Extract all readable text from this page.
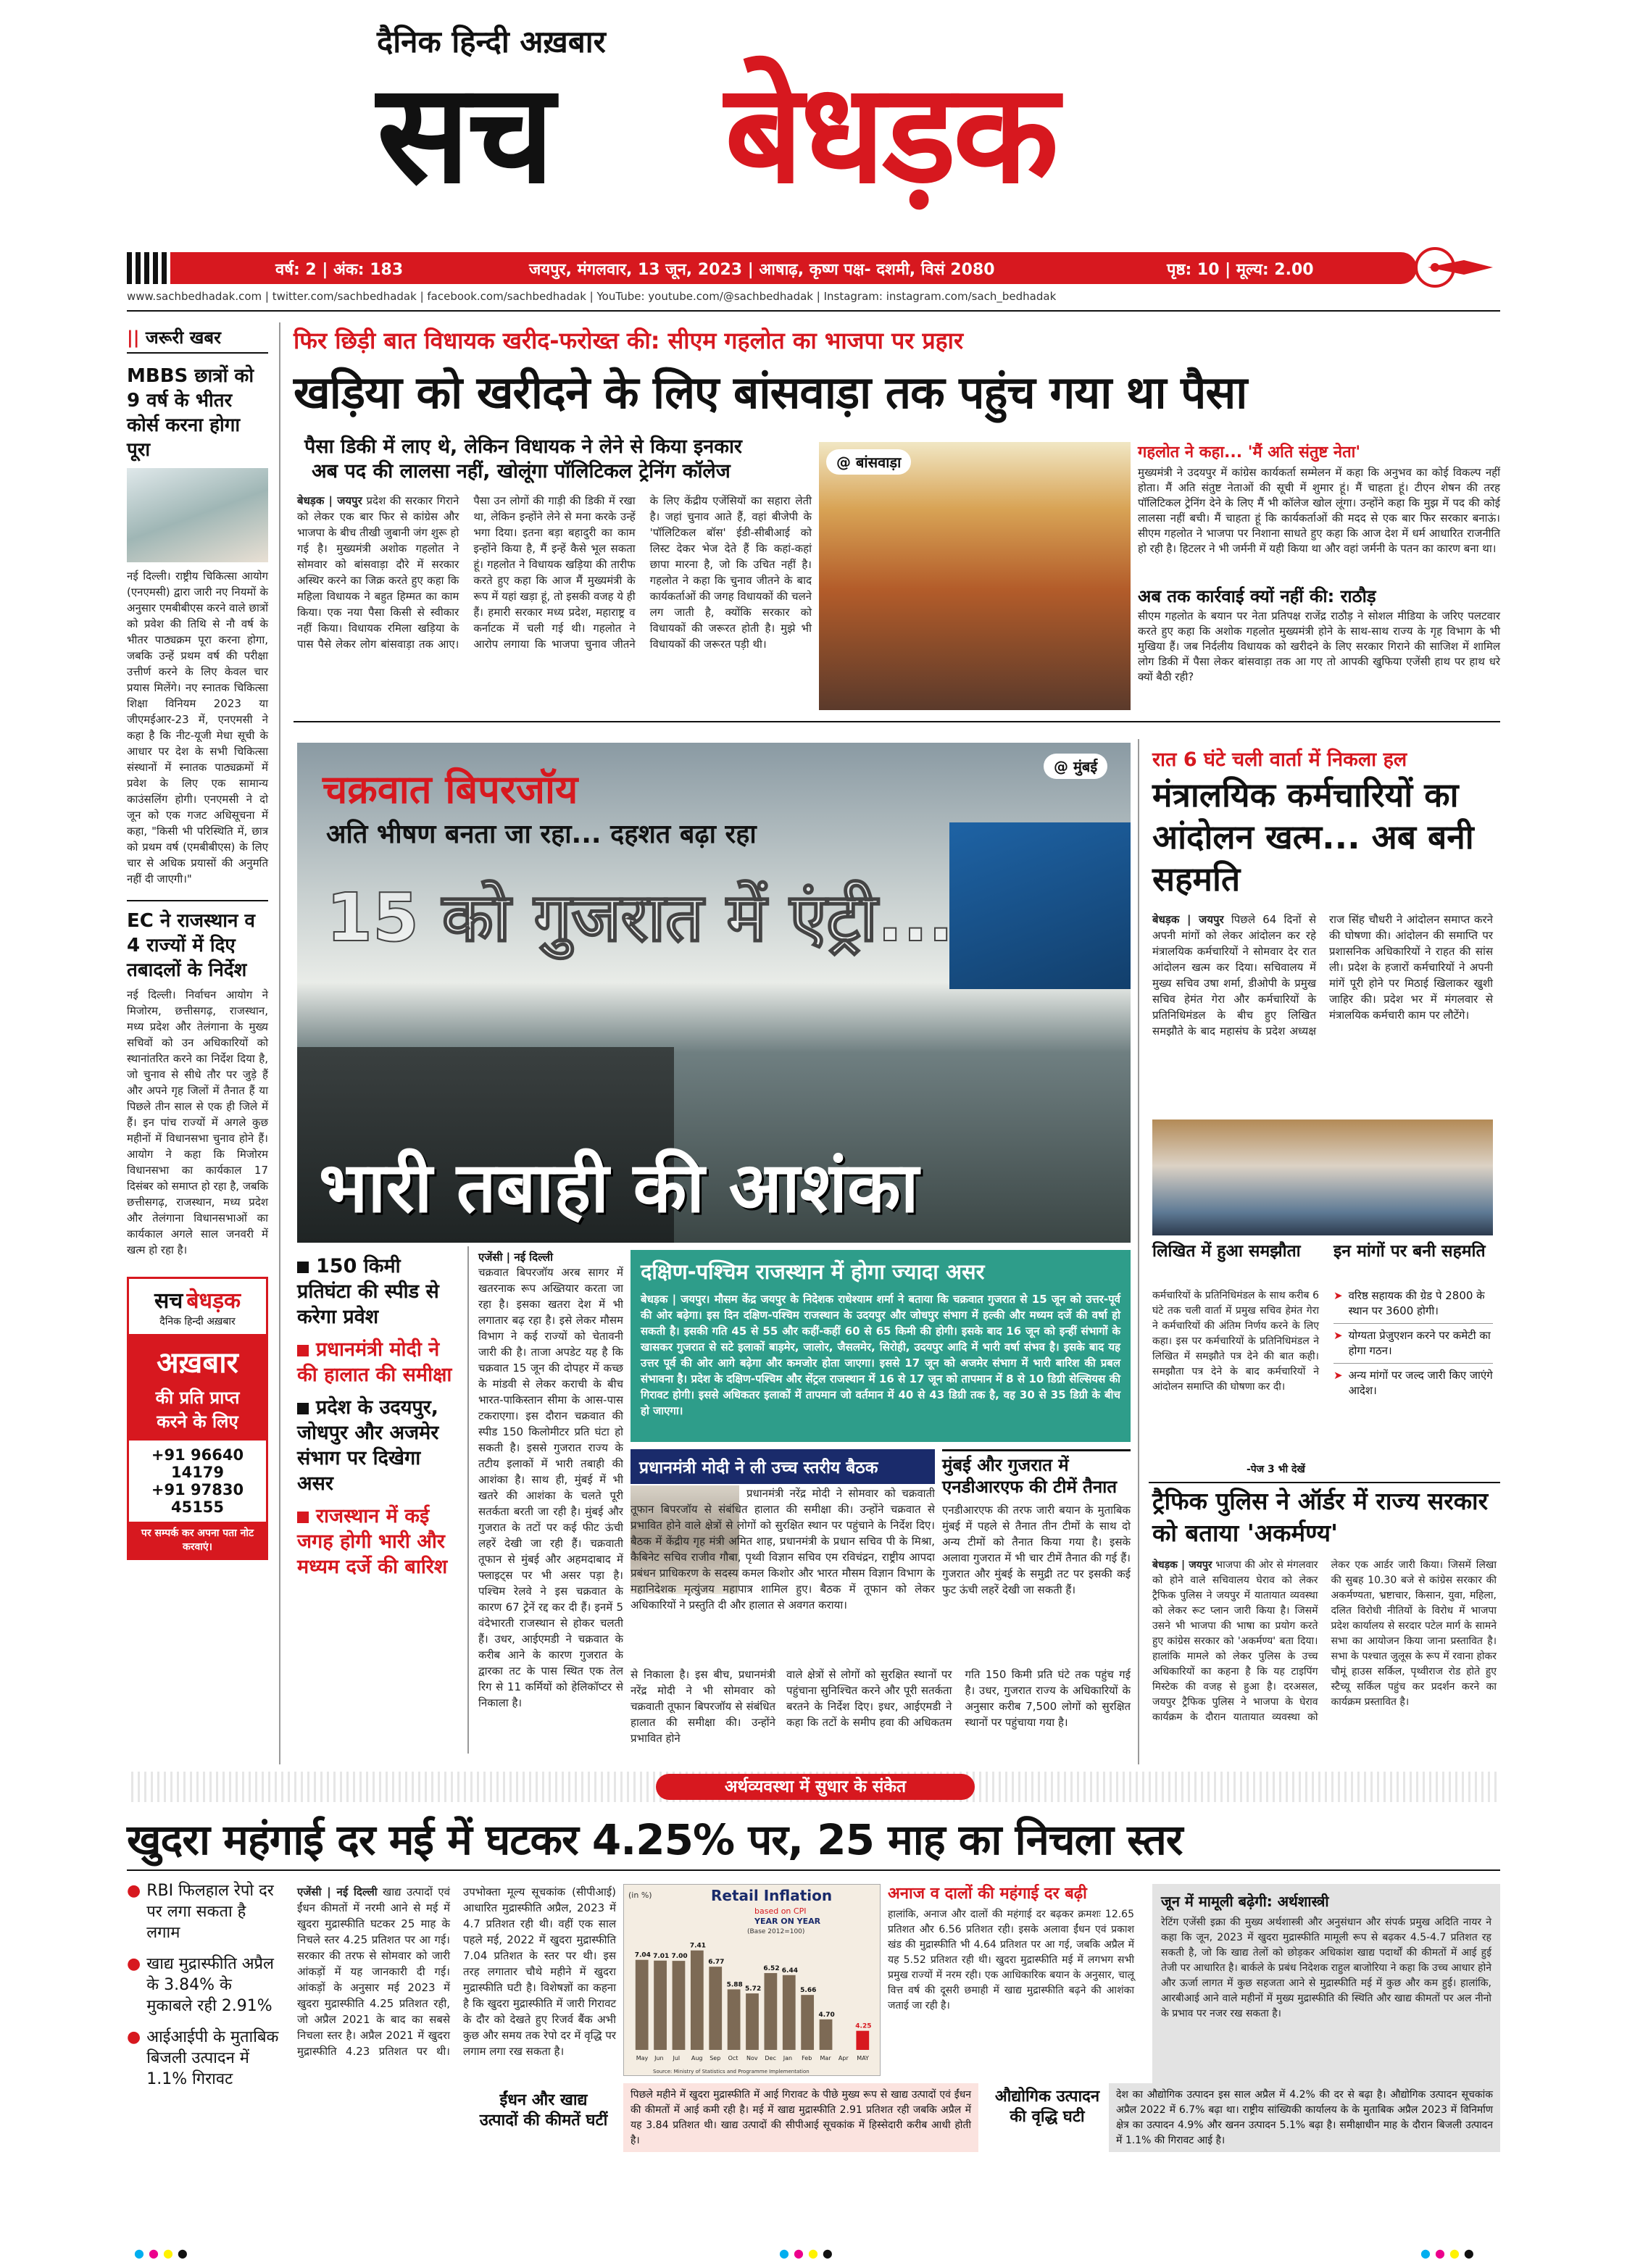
दैनिक हिन्दी अख़बार
सच बेधड़क
वर्ष: 2 | अंक: 183	जयपुर, मंगलवार, 13 जून, 2023 | आषाढ़, कृष्ण पक्ष- दशमी, विसं 2080	पृष्ठ: 10 | मूल्य: 2.00
www.sachbedhadak.com | twitter.com/sachbedhadak | facebook.com/sachbedhadak | YouTube: youtube.com/@sachbedhadak | Instagram: instagram.com/sach_bedhadak
|| जरूरी खबर
MBBS छात्रों को 9 वर्ष के भीतर कोर्स करना होगा पूरा
नई दिल्ली। राष्ट्रीय चिकित्सा आयोग (एनएमसी) द्वारा जारी नए नियमों के अनुसार एमबीबीएस करने वाले छात्रों को प्रवेश की तिथि से नौ वर्ष के भीतर पाठ्यक्रम पूरा करना होगा, जबकि उन्हें प्रथम वर्ष की परीक्षा उत्तीर्ण करने के लिए केवल चार प्रयास मिलेंगे। नए स्नातक चिकित्सा शिक्षा विनियम 2023 या जीएमईआर-23 में, एनएमसी ने कहा है कि नीट-यूजी मेधा सूची के आधार पर देश के सभी चिकित्सा संस्थानों में स्नातक पाठ्यक्रमों में प्रवेश के लिए एक सामान्य काउंसलिंग होगी। एनएमसी ने दो जून को एक गजट अधिसूचना में कहा, "किसी भी परिस्थिति में, छात्र को प्रथम वर्ष (एमबीबीएस) के लिए चार से अधिक प्रयासों की अनुमति नहीं दी जाएगी।"
EC ने राजस्थान व 4 राज्यों में दिए तबादलों के निर्देश
नई दिल्ली। निर्वाचन आयोग ने मिजोरम, छत्तीसगढ़, राजस्थान, मध्य प्रदेश और तेलंगाना के मुख्य सचिवों को उन अधिकारियों को स्थानांतरित करने का निर्देश दिया है, जो चुनाव से सीधे तौर पर जुड़े हैं और अपने गृह जिलों में तैनात हैं या पिछले तीन साल से एक ही जिले में हैं। इन पांच राज्यों में अगले कुछ महीनों में विधानसभा चुनाव होने हैं। आयोग ने कहा कि मिजोरम विधानसभा का कार्यकाल 17 दिसंबर को समाप्त हो रहा है, जबकि छत्तीसगढ़, राजस्थान, मध्य प्रदेश और तेलंगाना विधानसभाओं का कार्यकाल अगले साल जनवरी में खत्म हो रहा है।
सच बेधड़क
दैनिक हिन्दी अख़बार
अख़बार
की प्रति प्राप्त
करने के लिए
+91 96640 14179
+91 97830 45155
पर सम्पर्क कर अपना पता नोट करवाएं।
फिर छिड़ी बात विधायक खरीद-फरोख्त की: सीएम गहलोत का भाजपा पर प्रहार
खड़िया को खरीदने के लिए बांसवाड़ा तक पहुंच गया था पैसा
पैसा डिकी में लाए थे, लेकिन विधायक ने लेने से किया इनकार
अब पद की लालसा नहीं, खोलूंगा पॉलिटिकल ट्रेनिंग कॉलेज
बेधड़क | जयपुर प्रदेश की सरकार गिराने को लेकर एक बार फिर से कांग्रेस और भाजपा के बीच तीखी जुबानी जंग शुरू हो गई है। मुख्यमंत्री अशोक गहलोत ने सोमवार को बांसवाड़ा दौरे में सरकार अस्थिर करने का जिक्र करते हुए कहा कि महिला विधायक ने बहुत हिम्मत का काम किया। एक नया पैसा किसी से स्वीकार नहीं किया। विधायक रमिला खड़िया के पास पैसे लेकर लोग बांसवाड़ा तक आए। पैसा उन लोगों की गाड़ी की डिकी में रखा था, लेकिन इन्होंने लेने से मना करके उन्हें भगा दिया। इतना बड़ा बहादुरी का काम इन्होंने किया है, मैं इन्हें कैसे भूल सकता हूं। गहलोत ने विधायक खड़िया की तारीफ करते हुए कहा कि आज मैं मुख्यमंत्री के रूप में यहां खड़ा हूं, तो इसकी वजह ये ही हैं। हमारी सरकार मध्य प्रदेश, महाराष्ट्र व कर्नाटक में चली गई थी। गहलोत ने आरोप लगाया कि भाजपा चुनाव जीतने के लिए केंद्रीय एजेंसियों का सहारा लेती है। जहां चुनाव आते हैं, वहां बीजेपी के 'पॉलिटिकल बॉस' ईडी-सीबीआई को लिस्ट देकर भेज देते हैं कि कहां-कहां छापा मारना है, जो कि उचित नहीं है। गहलोत ने कहा कि चुनाव जीतने के बाद कार्यकर्ताओं की जगह विधायकों की चलने लग जाती है, क्योंकि सरकार को विधायकों की जरूरत होती है। मुझे भी विधायकों की जरूरत पड़ी थी।
@ बांसवाड़ा
गहलोत ने कहा... 'मैं अति संतुष्ट नेता'
मुख्यमंत्री ने उदयपुर में कांग्रेस कार्यकर्ता सम्मेलन में कहा कि अनुभव का कोई विकल्प नहीं होता। मैं अति संतुष्ट नेताओं की सूची में शुमार हूं। मैं चाहता हूं। टीएन शेषन की तरह पॉलिटिकल ट्रेनिंग देने के लिए मैं भी कॉलेज खोल लूंगा। उन्होंने कहा कि मुझ में पद की कोई लालसा नहीं बची। मैं चाहता हूं कि कार्यकर्ताओं की मदद से एक बार फिर सरकार बनाऊं। सीएम गहलोत ने भाजपा पर निशाना साधते हुए कहा कि आज देश में धर्म आधारित राजनीति हो रही है। हिटलर ने भी जर्मनी में यही किया था और वहां जर्मनी के पतन का कारण बना था।
अब तक कार्रवाई क्यों नहीं की: राठौड़
सीएम गहलोत के बयान पर नेता प्रतिपक्ष राजेंद्र राठौड़ ने सोशल मीडिया के जरिए पलटवार करते हुए कहा कि अशोक गहलोत मुख्यमंत्री होने के साथ-साथ राज्य के गृह विभाग के भी मुखिया हैं। जब निर्दलीय विधायक को खरीदने के लिए सरकार गिराने की साजिश में शामिल लोग डिकी में पैसा लेकर बांसवाड़ा तक आ गए तो आपकी खुफिया एजेंसी हाथ पर हाथ धरे क्यों बैठी रही?
@ मुंबई
चक्रवात बिपरजॉय
अति भीषण बनता जा रहा... दहशत बढ़ा रहा
15 को गुजरात में एंट्री...
भारी तबाही की आशंका
150 किमी प्रतिघंटा की स्पीड से करेगा प्रवेश
प्रधानमंत्री मोदी ने की हालात की समीक्षा
प्रदेश के उदयपुर, जोधपुर और अजमेर संभाग पर दिखेगा असर
राजस्थान में कई जगह होगी भारी और मध्यम दर्जे की बारिश
एजेंसी | नई दिल्ली
चक्रवात बिपरजॉय अरब सागर में खतरनाक रूप अख्तियार करता जा रहा है। इसका खतरा देश में भी लगातार बढ़ रहा है। इसे लेकर मौसम विभाग ने कई राज्यों को चेतावनी जारी की है। ताजा अपडेट यह है कि चक्रवात 15 जून की दोपहर में कच्छ के मांडवी से लेकर कराची के बीच भारत-पाकिस्तान सीमा के आस-पास टकराएगा। इस दौरान चक्रवात की स्पीड 150 किलोमीटर प्रति घंटा हो सकती है। इससे गुजरात राज्य के तटीय इलाकों में भारी तबाही की आशंका है। साथ ही, मुंबई में भी खतरे की आशंका के चलते पूरी सतर्कता बरती जा रही है। मुंबई और गुजरात के तटों पर कई फीट ऊंची लहरें देखी जा रही हैं। चक्रवाती तूफान से मुंबई और अहमदाबाद में फ्लाइट्स पर भी असर पड़ा है। पश्चिम रेलवे ने इस चक्रवात के कारण 67 ट्रेनें रद्द कर दी हैं। इनमें 5 वंदेभारती राजस्थान से होकर चलती हैं। उधर, आईएमडी ने चक्रवात के करीब आने के कारण गुजरात के द्वारका तट के पास स्थित एक तेल रिग से 11 कर्मियों को हेलिकॉप्टर से निकाला है।
दक्षिण-पश्चिम राजस्थान में होगा ज्यादा असर
बेधड़क | जयपुर। मौसम केंद्र जयपुर के निदेशक राधेश्याम शर्मा ने बताया कि चक्रवात गुजरात से 15 जून को उत्तर-पूर्व की ओर बढ़ेगा। इस दिन दक्षिण-पश्चिम राजस्थान के उदयपुर और जोधपुर संभाग में हल्की और मध्यम दर्जे की वर्षा हो सकती है। इसकी गति 45 से 55 और कहीं-कहीं 60 से 65 किमी की होगी। इसके बाद 16 जून को इन्हीं संभागों के खासकर गुजरात से सटे इलाकों बाड़मेर, जालोर, जैसलमेर, सिरोही, उदयपुर आदि में भारी वर्षा संभव है। इसके बाद यह उत्तर पूर्व की ओर आगे बढ़ेगा और कमजोर होता जाएगा। इससे 17 जून को अजमेर संभाग में भारी बारिश की प्रबल संभावना है। प्रदेश के दक्षिण-पश्चिम और सेंट्रल राजस्थान में 16 से 17 जून को तापमान में 8 से 10 डिग्री सेल्सियस की गिरावट होगी। इससे अधिकतर इलाकों में तापमान जो वर्तमान में 40 से 43 डिग्री तक है, वह 30 से 35 डिग्री के बीच हो जाएगा।
प्रधानमंत्री मोदी ने ली उच्च स्तरीय बैठक
प्रधानमंत्री नरेंद्र मोदी ने सोमवार को चक्रवाती तूफान बिपरजॉय से संबंधित हालात की समीक्षा की। उन्होंने चक्रवात से प्रभावित होने वाले क्षेत्रों से लोगों को सुरक्षित स्थान पर पहुंचाने के निर्देश दिए। बैठक में केंद्रीय गृह मंत्री अमित शाह, प्रधानमंत्री के प्रधान सचिव पी के मिश्रा, कैबिनेट सचिव राजीव गौबा, पृथ्वी विज्ञान सचिव एम रविचंद्रन, राष्ट्रीय आपदा प्रबंधन प्राधिकरण के सदस्य कमल किशोर और भारत मौसम विज्ञान विभाग के महानिदेशक मृत्युंजय महापात्र शामिल हुए। बैठक में तूफान को लेकर अधिकारियों ने प्रस्तुति दी और हालात से अवगत कराया।
से निकाला है। इस बीच, प्रधानमंत्री नरेंद्र मोदी ने भी सोमवार को चक्रवाती तूफान बिपरजॉय से संबंधित हालात की समीक्षा की। उन्होंने प्रभावित होने
वाले क्षेत्रों से लोगों को सुरक्षित स्थानों पर पहुंचाना सुनिश्चित करने और पूरी सतर्कता बरतने के निर्देश दिए। इधर, आईएमडी ने कहा कि तटों के समीप हवा की अधिकतम गति 150 किमी प्रति घंटे तक पहुंच गई है। उधर, गुजरात राज्य के अधिकारियों के अनुसार करीब 7,500 लोगों को सुरक्षित स्थानों पर पहुंचाया गया है।
मुंबई और गुजरात में एनडीआरएफ की टीमें तैनात
एनडीआरएफ की तरफ जारी बयान के मुताबिक मुंबई में पहले से तैनात तीन टीमों के साथ दो अन्य टीमों को तैनात किया गया है। इसके अलावा गुजरात में भी चार टीमें तैनात की गई हैं। गुजरात और मुंबई के समुद्री तट पर इसकी कई फुट ऊंची लहरें देखी जा सकती हैं।
रात 6 घंटे चली वार्ता में निकला हल
मंत्रालयिक कर्मचारियों का आंदोलन खत्म... अब बनी सहमति
बेधड़क | जयपुर पिछले 64 दिनों से अपनी मांगों को लेकर आंदोलन कर रहे मंत्रालयिक कर्मचारियों ने सोमवार देर रात आंदोलन खत्म कर दिया। सचिवालय में मुख्य सचिव उषा शर्मा, डीओपी के प्रमुख सचिव हेमंत गेरा और कर्मचारियों के प्रतिनिधिमंडल के बीच हुए लिखित समझौते के बाद महासंघ के प्रदेश अध्यक्ष राज सिंह चौधरी ने आंदोलन समाप्त करने की घोषणा की। आंदोलन की समाप्ति पर प्रशासनिक अधिकारियों ने राहत की सांस ली। प्रदेश के हजारों कर्मचारियों ने अपनी मांगें पूरी होने पर मिठाई खिलाकर खुशी जाहिर की। प्रदेश भर में मंगलवार से मंत्रालयिक कर्मचारी काम पर लौटेंगे।
लिखित में हुआ समझौता
कर्मचारियों के प्रतिनिधिमंडल के साथ करीब 6 घंटे तक चली वार्ता में प्रमुख सचिव हेमंत गेरा ने कर्मचारियों की अंतिम निर्णय करने के लिए कहा। इस पर कर्मचारियों के प्रतिनिधिमंडल ने लिखित में समझौते पत्र देने की बात कही। समझौता पत्र देने के बाद कर्मचारियों ने आंदोलन समाप्ति की घोषणा कर दी।
-पेज 3 भी देखें
इन मांगों पर बनी सहमति
➤ वरिष्ठ सहायक की ग्रेड पे 2800 के स्थान पर 3600 होगी।
➤ योग्यता प्रेजुएशन करने पर कमेटी का होगा गठन।
➤ अन्य मांगों पर जल्द जारी किए जाएंगे आदेश।
ट्रैफिक पुलिस ने ऑर्डर में राज्य सरकार को बताया 'अकर्मण्य'
बेधड़क | जयपुर भाजपा की ओर से मंगलवार को होने वाले सचिवालय घेराव को लेकर ट्रैफिक पुलिस ने जयपुर में यातायात व्यवस्था को लेकर रूट प्लान जारी किया है। जिसमें उसने भी भाजपा की भाषा का प्रयोग करते हुए कांग्रेस सरकार को 'अकर्मण्य' बता दिया। हालांकि मामले को लेकर पुलिस के उच्च अधिकारियों का कहना है कि यह टाइपिंग मिस्टेक की वजह से हुआ है। दरअसल, जयपुर ट्रैफिक पुलिस ने भाजपा के घेराव कार्यक्रम के दौरान यातायात व्यवस्था को लेकर एक आर्डर जारी किया। जिसमें लिखा की सुबह 10.30 बजे से कांग्रेस सरकार की अकर्मण्यता, भ्रष्टाचार, किसान, युवा, महिला, दलित विरोधी नीतियों के विरोध में भाजपा प्रदेश कार्यालय से सरदार पटेल मार्ग के सामने सभा का आयोजन किया जाना प्रस्तावित है। सभा के पश्चात जुलूस के रूप में रवाना होकर चौमूं हाउस सर्किल, पृथ्वीराज रोड होते हुए स्टैच्यू सर्किल पहुंच कर प्रदर्शन करने का कार्यक्रम प्रस्तावित है।
अर्थव्यवस्था में सुधार के संकेत
खुदरा महंगाई दर मई में घटकर 4.25% पर, 25 माह का निचला स्तर
● RBI फिलहाल रेपो दर पर लगा सकता है लगाम
● खाद्य मुद्रास्फीति अप्रैल के 3.84% के मुकाबले रही 2.91%
● आईआईपी के मुताबिक बिजली उत्पादन में 1.1% गिरावट
एजेंसी | नई दिल्ली खाद्य उत्पादों एवं ईंधन कीमतों में नरमी आने से मई में खुदरा मुद्रास्फीति घटकर 25 माह के निचले स्तर 4.25 प्रतिशत पर आ गई। सरकार की तरफ से सोमवार को जारी आंकड़ों में यह जानकारी दी गई। आंकड़ों के अनुसार मई 2023 में खुदरा मुद्रास्फीति 4.25 प्रतिशत रही, जो अप्रैल 2021 के बाद का सबसे निचला स्तर है। अप्रैल 2021 में खुदरा मुद्रास्फीति 4.23 प्रतिशत पर थी। उपभोक्ता मूल्य सूचकांक (सीपीआई) आधारित मुद्रास्फीति अप्रैल, 2023 में 4.7 प्रतिशत रही थी। वहीं एक साल पहले मई, 2022 में खुदरा मुद्रास्फीति 7.04 प्रतिशत के स्तर पर थी। इस तरह लगातार चौथे महीने में खुदरा मुद्रास्फीति घटी है। विशेषज्ञों का कहना है कि खुदरा मुद्रास्फीति में जारी गिरावट के दौर को देखते हुए रिजर्व बैंक अभी कुछ और समय तक रेपो दर में वृद्धि पर लगाम लगा रख सकता है।
Retail Inflation
based on CPI
YEAR ON YEAR
(Base 2012=100)
(in %)
7.04 7.01 7.00
7.41
6.77
5.88
5.72
6.52 6.44
5.66
4.70
4.25
May Jun Jul Aug Sep Oct Nov Dec Jan Feb Mar Apr MAY
Source: Ministry of Statistics and Programme Implementation
अनाज व दालों की महंगाई दर बढ़ी
हालांकि, अनाज और दालों की महंगाई दर बढ़कर क्रमशः 12.65 प्रतिशत और 6.56 प्रतिशत रही। इसके अलावा ईंधन एवं प्रकाश खंड की मुद्रास्फीति भी 4.64 प्रतिशत पर आ गई, जबकि अप्रैल में यह 5.52 प्रतिशत रही थी। खुदरा मुद्रास्फीति मई में लगभग सभी प्रमुख राज्यों में नरम रही। एक आधिकारिक बयान के अनुसार, चालू वित्त वर्ष की दूसरी छमाही में खाद्य मुद्रास्फीति बढ़ने की आशंका जताई जा रही है।
जून में मामूली बढ़ेगी: अर्थशास्त्री
रेटिंग एजेंसी इक्रा की मुख्य अर्थशास्त्री और अनुसंधान और संपर्क प्रमुख अदिति नायर ने कहा कि जून, 2023 में खुदरा मुद्रास्फीति मामूली रूप से बढ़कर 4.5-4.7 प्रतिशत रह सकती है, जो कि खाद्य तेलों को छोड़कर अधिकांश खाद्य पदार्थों की कीमतों में आई हुई तेजी पर आधारित है। बार्कले के प्रबंध निदेशक राहुल बाजोरिया ने कहा कि उच्च आधार होने और ऊर्जा लागत में कुछ सहजता आने से मुद्रास्फीति मई में कुछ और कम हुई। हालांकि, आरबीआई आने वाले महीनों में मुख्य मुद्रास्फीति की स्थिति और खाद्य कीमतों पर अल नीनो के प्रभाव पर नजर रख सकता है।
ईंधन और खाद्य उत्पादों की कीमतें घटीं
पिछले महीने में खुदरा मुद्रास्फीति में आई गिरावट के पीछे मुख्य रूप से खाद्य उत्पादों एवं ईंधन की कीमतों में आई कमी रही है। मई में खाद्य मुद्रास्फीति 2.91 प्रतिशत रही जबकि अप्रैल में यह 3.84 प्रतिशत थी। खाद्य उत्पादों की सीपीआई सूचकांक में हिस्सेदारी करीब आधी होती है।
औद्योगिक उत्पादन की वृद्धि घटी
देश का औद्योगिक उत्पादन इस साल अप्रैल में 4.2% की दर से बढ़ा है। औद्योगिक उत्पादन सूचकांक अप्रैल 2022 में 6.7% बढ़ा था। राष्ट्रीय सांख्यिकी कार्यालय के के मुताबिक अप्रैल 2023 में विनिर्माण क्षेत्र का उत्पादन 4.9% और खनन उत्पादन 5.1% बढ़ा है। समीक्षाधीन माह के दौरान बिजली उत्पादन में 1.1% की गिरावट आई है।
●●●●	●●●●	●●●●
